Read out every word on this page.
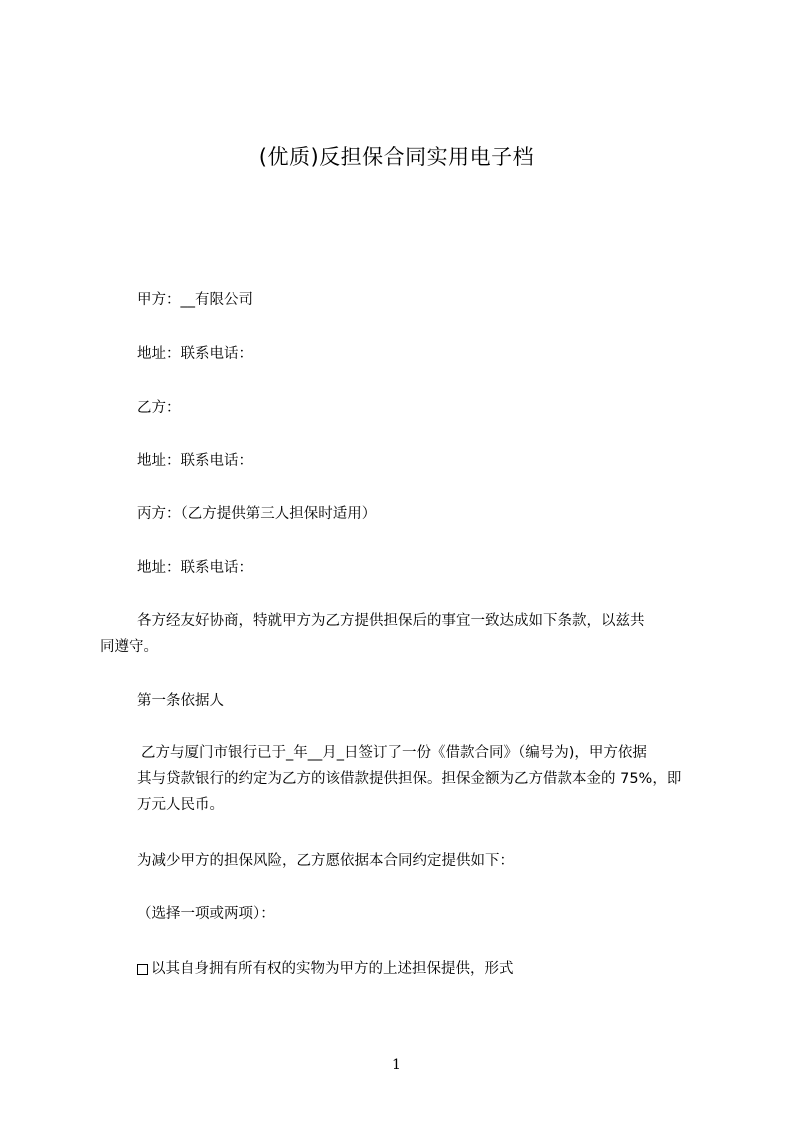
(优质)反担保合同实用电子档
甲方：__有限公司
地址：联系电话：
乙方：
地址：联系电话：
丙方：（乙方提供第三人担保时适用）
地址：联系电话：
各方经友好协商，特就甲方为乙方提供担保后的事宜一致达成如下条款，以兹共
同遵守。
第一条依据人
乙方与厦门市银行已于_年__月_日签订了一份《借款合同》（编号为)，甲方依据
其与贷款银行的约定为乙方的该借款提供担保。担保金额为乙方借款本金的 75%，即
万元人民币。
为减少甲方的担保风险，乙方愿依据本合同约定提供如下：
（选择一项或两项）：
以其自身拥有所有权的实物为甲方的上述担保提供，形式
1
